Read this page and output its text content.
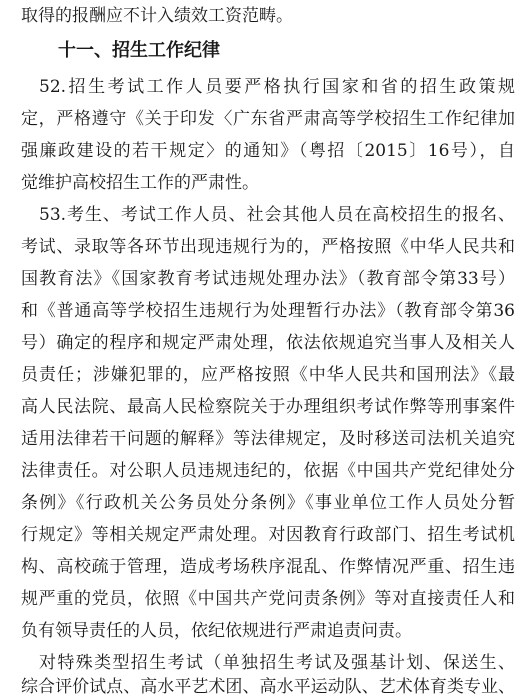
取得的报酬应不计入绩效工资范畴。
十一、招生工作纪律
52.招生考试工作人员要严格执行国家和省的招生政策规
定，严格遵守《关于印发〈广东省严肃高等学校招生工作纪律加
强廉政建设的若干规定〉的通知》（粤招〔2015〕16号），自
觉维护高校招生工作的严肃性。
53.考生、考试工作人员、社会其他人员在高校招生的报名、
考试、录取等各环节出现违规行为的，严格按照《中华人民共和
国教育法》《国家教育考试违规处理办法》（教育部令第33号）
和《普通高等学校招生违规行为处理暂行办法》（教育部令第36
号）确定的程序和规定严肃处理，依法依规追究当事人及相关人
员责任；涉嫌犯罪的，应严格按照《中华人民共和国刑法》《最
高人民法院、最高人民检察院关于办理组织考试作弊等刑事案件
适用法律若干问题的解释》等法律规定，及时移送司法机关追究
法律责任。对公职人员违规违纪的，依据《中国共产党纪律处分
条例》《行政机关公务员处分条例》《事业单位工作人员处分暂
行规定》等相关规定严肃处理。对因教育行政部门、招生考试机
构、高校疏于管理，造成考场秩序混乱、作弊情况严重、招生违
规严重的党员，依照《中国共产党问责条例》等对直接责任人和
负有领导责任的人员，依纪依规进行严肃追责问责。
对特殊类型招生考试（单独招生考试及强基计划、保送生、
综合评价试点、高水平艺术团、高水平运动队、艺术体育类专业、
